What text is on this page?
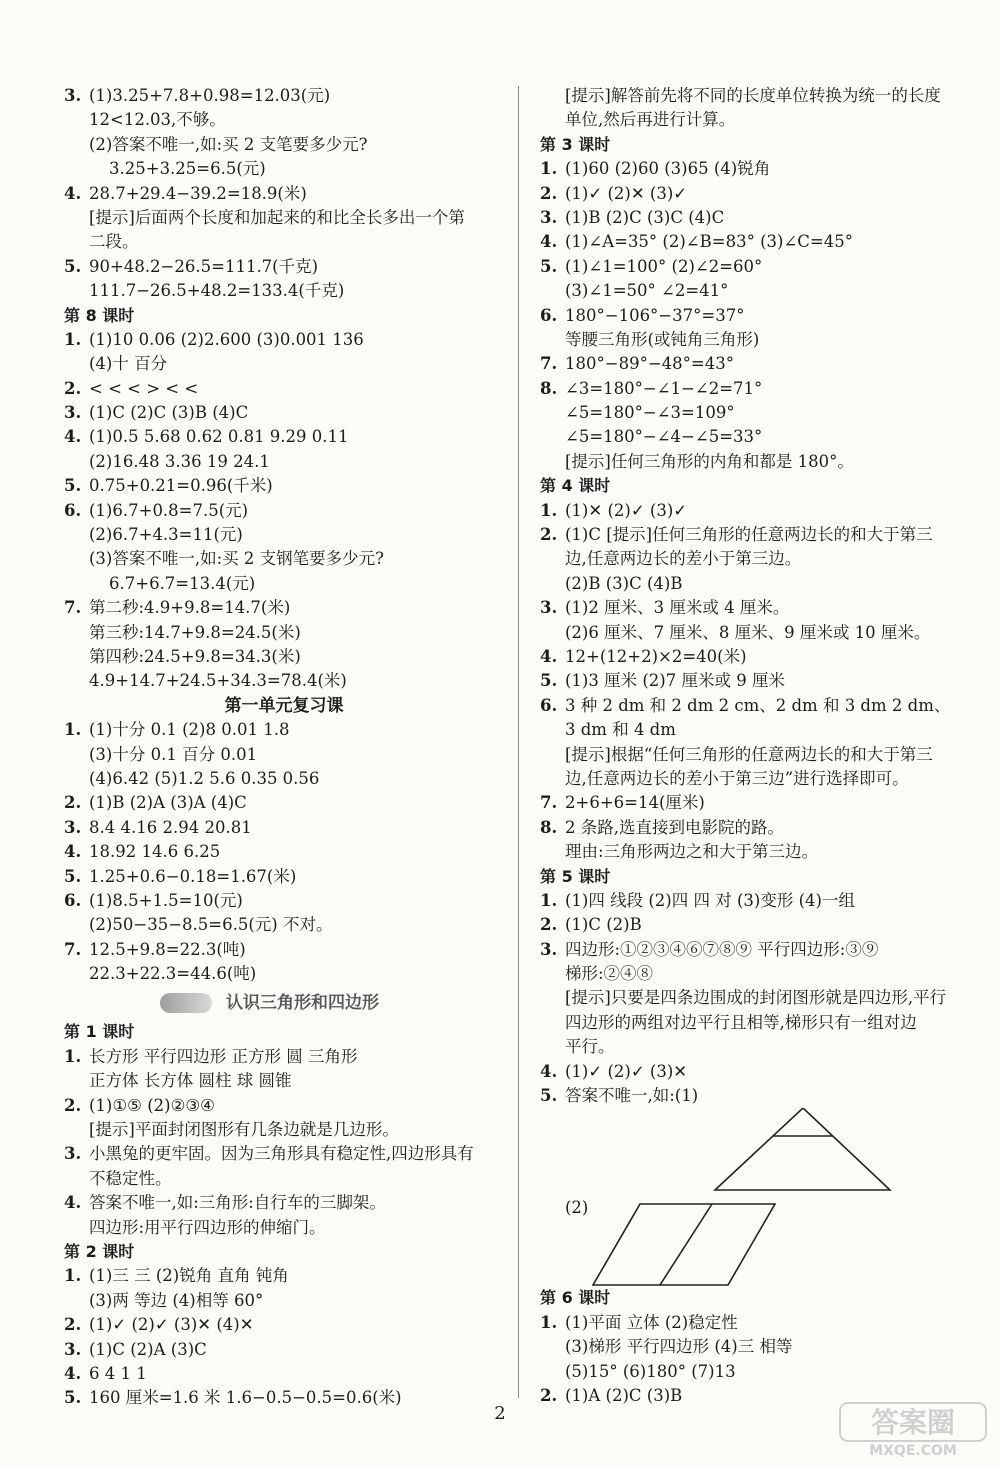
3. (1)3.25+7.8+0.98=12.03(元)
12<12.03,不够。
(2)答案不唯一,如:买 2 支笔要多少元?
3.25+3.25=6.5(元)
4. 28.7+29.4−39.2=18.9(米)
[提示]后面两个长度和加起来的和比全长多出一个第
二段。
5. 90+48.2−26.5=111.7(千克)
111.7−26.5+48.2=133.4(千克)
第 8 课时
1. (1)10 0.06 (2)2.600 (3)0.001 136
(4)十 百分
2. < < < > < <
3. (1)C (2)C (3)B (4)C
4. (1)0.5 5.68 0.62 0.81 9.29 0.11
(2)16.48 3.36 19 24.1
5. 0.75+0.21=0.96(千米)
6. (1)6.7+0.8=7.5(元)
(2)6.7+4.3=11(元)
(3)答案不唯一,如:买 2 支钢笔要多少元?
6.7+6.7=13.4(元)
7. 第二秒:4.9+9.8=14.7(米)
第三秒:14.7+9.8=24.5(米)
第四秒:24.5+9.8=34.3(米)
4.9+14.7+24.5+34.3=78.4(米)
第一单元复习课
1. (1)十分 0.1 (2)8 0.01 1.8
(3)十分 0.1 百分 0.01
(4)6.42 (5)1.2 5.6 0.35 0.56
2. (1)B (2)A (3)A (4)C
3. 8.4 4.16 2.94 20.81
4. 18.92 14.6 6.25
5. 1.25+0.6−0.18=1.67(米)
6. (1)8.5+1.5=10(元)
(2)50−35−8.5=6.5(元) 不对。
7. 12.5+9.8=22.3(吨)
22.3+22.3=44.6(吨)
认识三角形和四边形
第 1 课时
1. 长方形 平行四边形 正方形 圆 三角形
正方体 长方体 圆柱 球 圆锥
2. (1)①⑤ (2)②③④
[提示]平面封闭图形有几条边就是几边形。
3. 小黑兔的更牢固。因为三角形具有稳定性,四边形具有
不稳定性。
4. 答案不唯一,如:三角形:自行车的三脚架。
四边形:用平行四边形的伸缩门。
第 2 课时
1. (1)三 三 (2)锐角 直角 钝角
(3)两 等边 (4)相等 60°
2. (1)✓ (2)✓ (3)✕ (4)✕
3. (1)C (2)A (3)C
4. 6 4 1 1
5. 160 厘米=1.6 米 1.6−0.5−0.5=0.6(米)
[提示]解答前先将不同的长度单位转换为统一的长度
单位,然后再进行计算。
第 3 课时
1. (1)60 (2)60 (3)65 (4)锐角
2. (1)✓ (2)✕ (3)✓
3. (1)B (2)C (3)C (4)C
4. (1)∠A=35° (2)∠B=83° (3)∠C=45°
5. (1)∠1=100° (2)∠2=60°
(3)∠1=50° ∠2=41°
6. 180°−106°−37°=37°
等腰三角形(或钝角三角形)
7. 180°−89°−48°=43°
8. ∠3=180°−∠1−∠2=71°
∠5=180°−∠3=109°
∠5=180°−∠4−∠5=33°
[提示]任何三角形的内角和都是 180°。
第 4 课时
1. (1)✕ (2)✓ (3)✓
2. (1)C [提示]任何三角形的任意两边长的和大于第三
边,任意两边长的差小于第三边。
(2)B (3)C (4)B
3. (1)2 厘米、3 厘米或 4 厘米。
(2)6 厘米、7 厘米、8 厘米、9 厘米或 10 厘米。
4. 12+(12+2)×2=40(米)
5. (1)3 厘米 (2)7 厘米或 9 厘米
6. 3 种 2 dm 和 2 dm 2 cm、2 dm 和 3 dm 2 dm、
3 dm 和 4 dm
[提示]根据“任何三角形的任意两边长的和大于第三
边,任意两边长的差小于第三边”进行选择即可。
7. 2+6+6=14(厘米)
8. 2 条路,选直接到电影院的路。
理由:三角形两边之和大于第三边。
第 5 课时
1. (1)四 线段 (2)四 四 对 (3)变形 (4)一组
2. (1)C (2)B
3. 四边形:①②③④⑥⑦⑧⑨ 平行四边形:③⑨
梯形:②④⑧
[提示]只要是四条边围成的封闭图形就是四边形,平行
四边形的两组对边平行且相等,梯形只有一组对边
平行。
4. (1)✓ (2)✓ (3)✕
5. 答案不唯一,如:(1)
(2)
第 6 课时
1. (1)平面 立体 (2)稳定性
(3)梯形 平行四边形 (4)三 相等
(5)15° (6)180° (7)13
2. (1)A (2)C (3)B
2	答案圈
MXQE.COM
